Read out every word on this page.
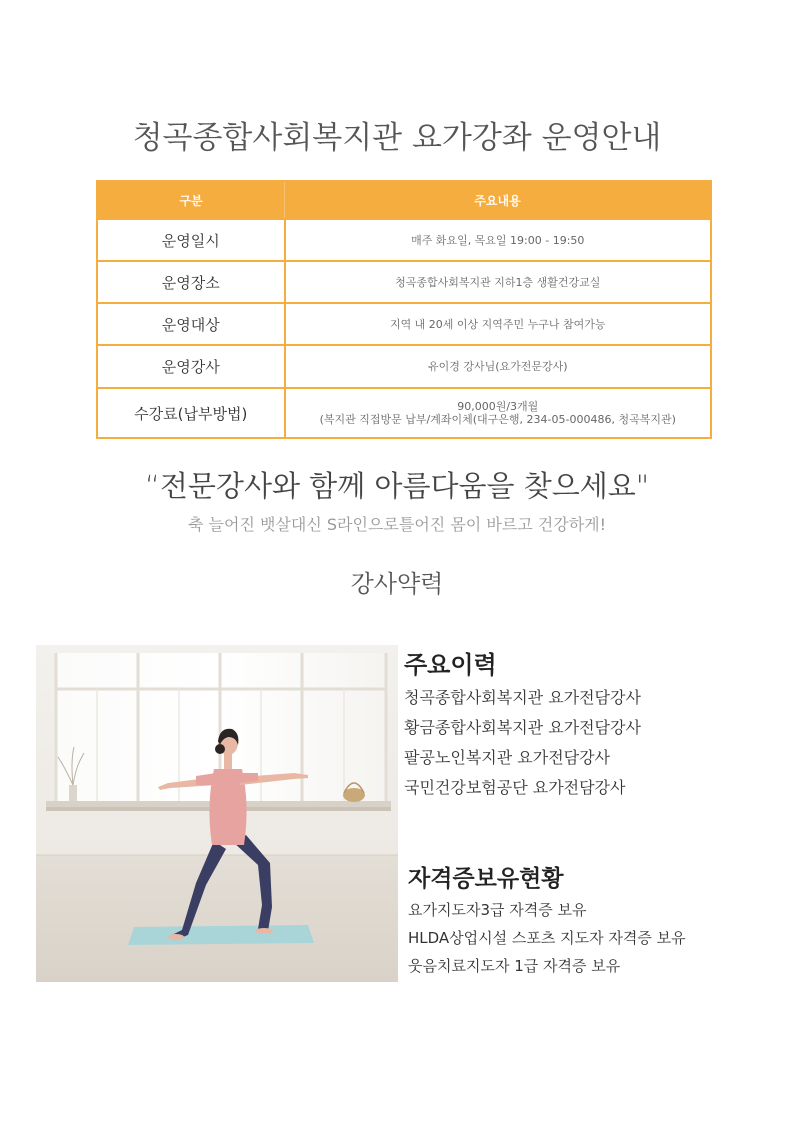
청곡종합사회복지관 요가강좌 운영안내
구분	주요내용
운영일시	매주 화요일, 목요일 19:00 - 19:50
운영장소	청곡종합사회복지관 지하1층 생활건강교실
운영대상	지역 내 20세 이상 지역주민 누구나 참여가능
운영강사	유이경 강사님(요가전문강사)
수강료(납부방법)	90,000원/3개월
(복지관 직접방문 납부/계좌이체(대구은행, 234-05-000486, 청곡복지관)

“전문강사와 함께 아름다움을 찾으세요"

축 늘어진 뱃살대신 S라인으로틀어진 몸이 바르고 건강하게!

강사약력
주요이력
청곡종합사회복지관 요가전담강사
황금종합사회복지관 요가전담강사
팔공노인복지관 요가전담강사
국민건강보험공단 요가전담강사
자격증보유현황
요가지도자3급 자격증 보유
HLDA상업시설 스포츠 지도자 자격증 보유
웃음치료지도자 1급 자격증 보유
